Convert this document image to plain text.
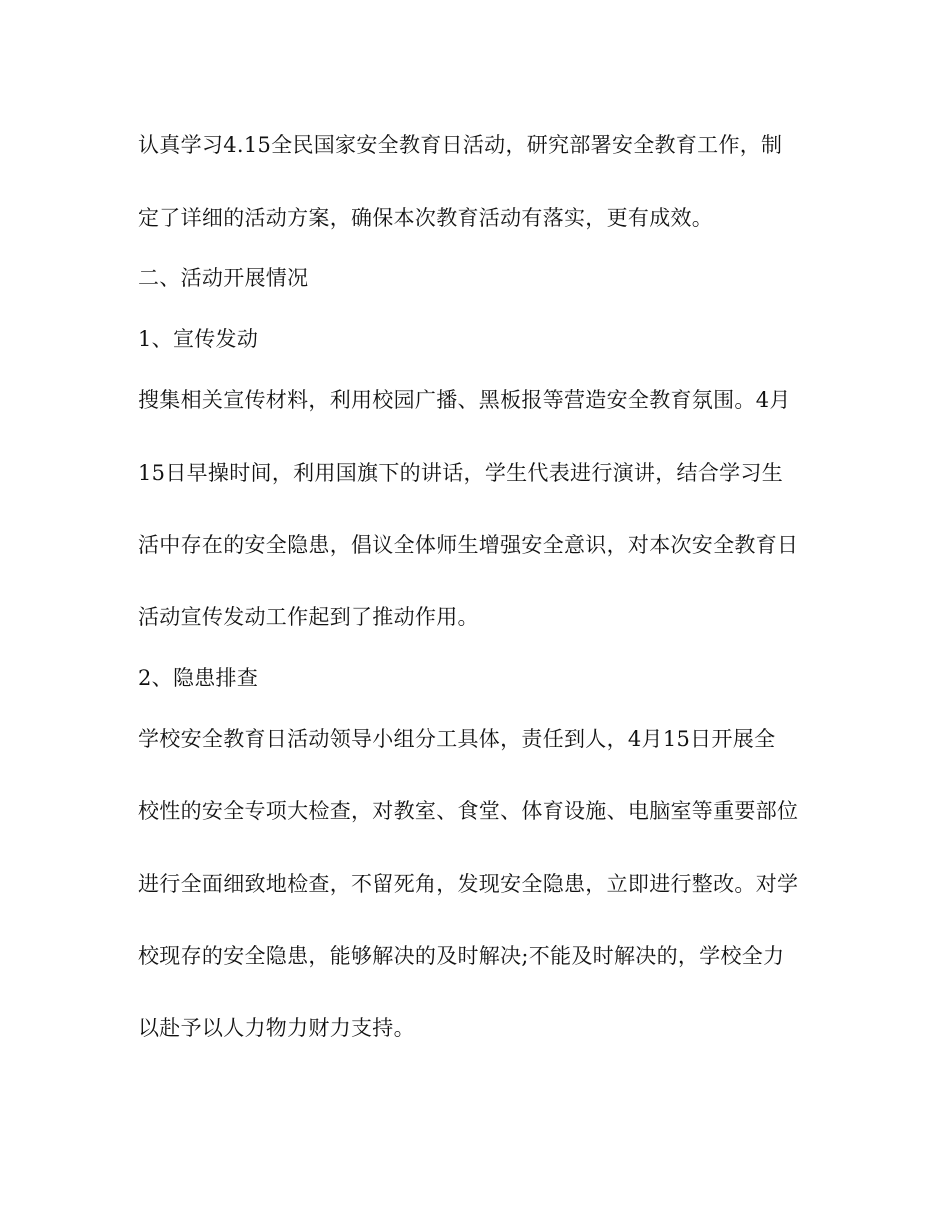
认真学习4.15全民国家安全教育日活动，研究部署安全教育工作，制
定了详细的活动方案，确保本次教育活动有落实，更有成效。
二、活动开展情况
1、宣传发动
搜集相关宣传材料，利用校园广播、黑板报等营造安全教育氛围。4月
15日早操时间，利用国旗下的讲话，学生代表进行演讲，结合学习生
活中存在的安全隐患，倡议全体师生增强安全意识，对本次安全教育日
活动宣传发动工作起到了推动作用。
2、隐患排查
学校安全教育日活动领导小组分工具体，责任到人，4月15日开展全
校性的安全专项大检查，对教室、食堂、体育设施、电脑室等重要部位
进行全面细致地检查，不留死角，发现安全隐患，立即进行整改。对学
校现存的安全隐患，能够解决的及时解决;不能及时解决的，学校全力
以赴予以人力物力财力支持。
